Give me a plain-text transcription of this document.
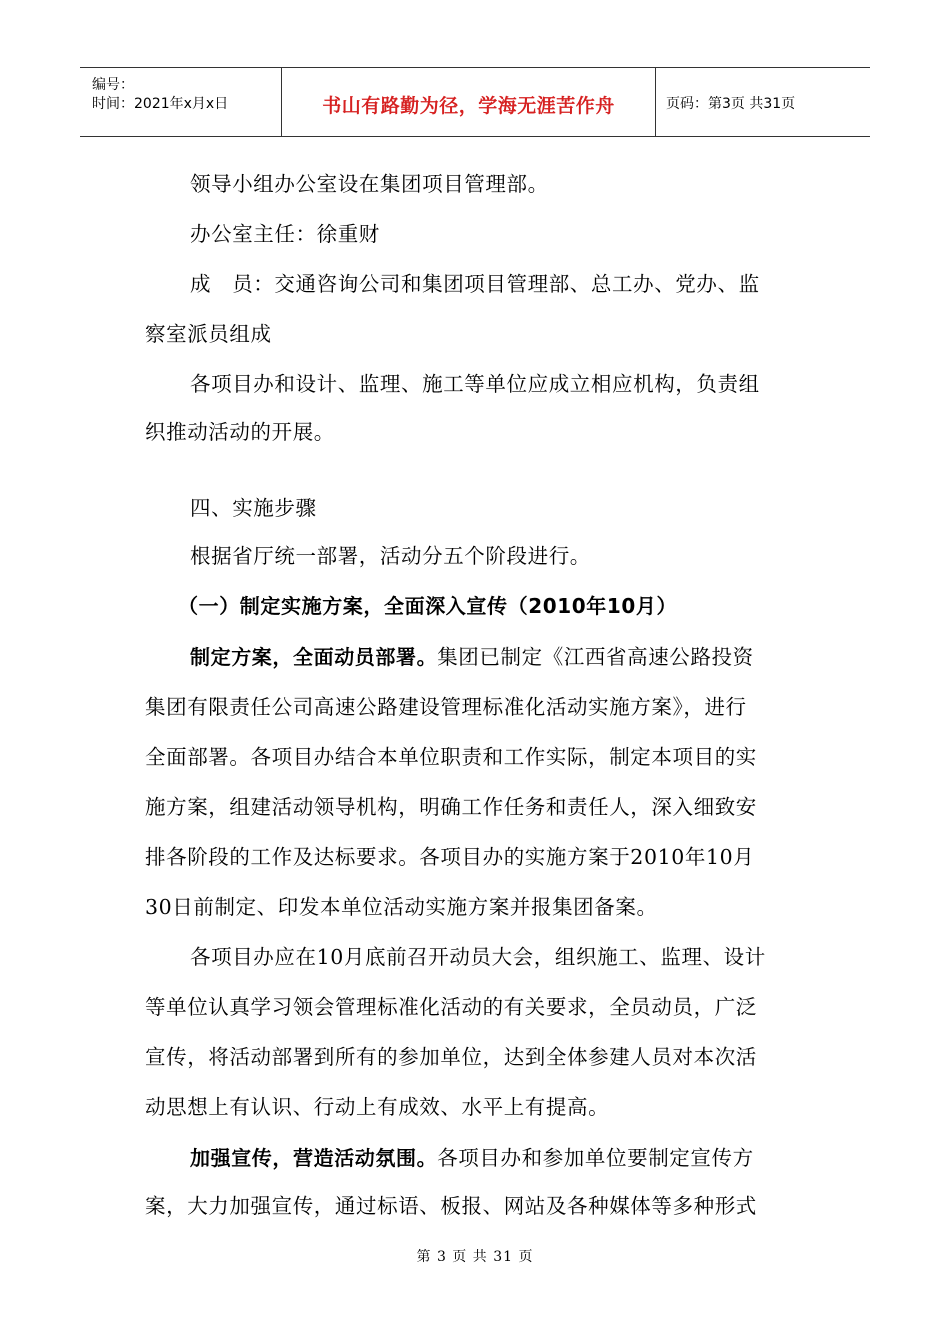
编号：
时间：2021年x月x日	书山有路勤为径，学海无涯苦作舟	页码：第3页 共31页
领导小组办公室设在集团项目管理部。
办公室主任：徐重财
成　员：交通咨询公司和集团项目管理部、总工办、党办、监
察室派员组成
各项目办和设计、监理、施工等单位应成立相应机构，负责组
织推动活动的开展。
四、实施步骤
根据省厅统一部署，活动分五个阶段进行。
（一）制定实施方案，全面深入宣传（2010年10月）
制定方案，全面动员部署。集团已制定《江西省高速公路投资
集团有限责任公司高速公路建设管理标准化活动实施方案》，进行
全面部署。各项目办结合本单位职责和工作实际，制定本项目的实
施方案，组建活动领导机构，明确工作任务和责任人，深入细致安
排各阶段的工作及达标要求。各项目办的实施方案于2010年10月
30日前制定、印发本单位活动实施方案并报集团备案。
各项目办应在10月底前召开动员大会，组织施工、监理、设计
等单位认真学习领会管理标准化活动的有关要求，全员动员，广泛
宣传，将活动部署到所有的参加单位，达到全体参建人员对本次活
动思想上有认识、行动上有成效、水平上有提高。
加强宣传，营造活动氛围。各项目办和参加单位要制定宣传方
案，大力加强宣传，通过标语、板报、网站及各种媒体等多种形式
第 3 页 共 31 页
